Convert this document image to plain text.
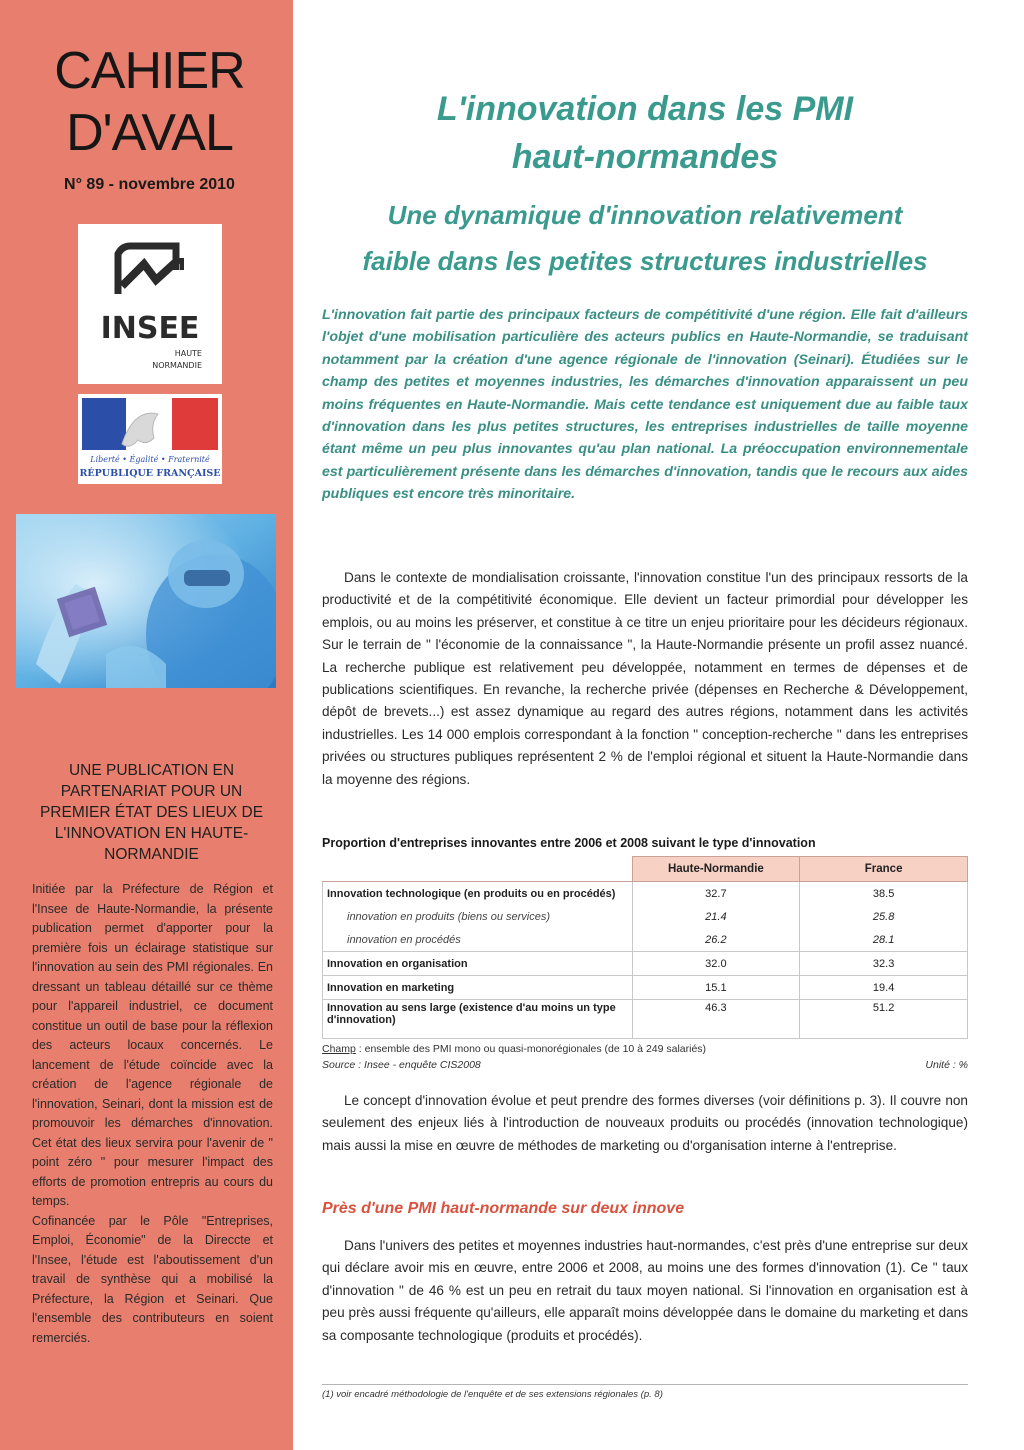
CAHIER
D'AVAL
N° 89 - novembre 2010
INSEE
HAUTE
NORMANDIE
Liberté • Égalité • Fraternité
RÉPUBLIQUE FRANÇAISE
UNE PUBLICATION EN PARTENARIAT POUR UN PREMIER ÉTAT DES LIEUX DE L'INNOVATION EN HAUTE-NORMANDIE

Initiée par la Préfecture de Région et l'Insee de Haute-Normandie, la présente publication permet d'apporter pour la première fois un éclairage statistique sur l'innovation au sein des PMI régionales. En dressant un tableau détaillé sur ce thème pour l'appareil industriel, ce document constitue un outil de base pour la réflexion des acteurs locaux concernés. Le lancement de l'étude coïncide avec la création de l'agence régionale de l'innovation, Seinari, dont la mission est de promouvoir les démarches d'innovation. Cet état des lieux servira pour l'avenir de " point zéro " pour mesurer l'impact des efforts de promotion entrepris au cours du temps.

Cofinancée par le Pôle "Entreprises, Emploi, Économie" de la Direccte et l'Insee, l'étude est l'aboutissement d'un travail de synthèse qui a mobilisé la Préfecture, la Région et Seinari. Que l'ensemble des contributeurs en soient remerciés.

L'innovation dans les PMI
haut-normandes
Une dynamique d'innovation relativement
faible dans les petites structures industrielles
L'innovation fait partie des principaux facteurs de compétitivité d'une région. Elle fait d'ailleurs l'objet d'une mobilisation particulière des acteurs publics en Haute-Normandie, se traduisant notamment par la création d'une agence régionale de l'innovation (Seinari). Étudiées sur le champ des petites et moyennes industries, les démarches d'innovation apparaissent un peu moins fréquentes en Haute-Normandie. Mais cette tendance est uniquement due au faible taux d'innovation dans les plus petites structures, les entreprises industrielles de taille moyenne étant même un peu plus innovantes qu'au plan national. La préoccupation environnementale est particulièrement présente dans les démarches d'innovation, tandis que le recours aux aides publiques est encore très minoritaire.

Dans le contexte de mondialisation croissante, l'innovation constitue l'un des principaux ressorts de la productivité et de la compétitivité économique. Elle devient un facteur primordial pour développer les emplois, ou au moins les préserver, et constitue à ce titre un enjeu prioritaire pour les décideurs régionaux. Sur le terrain de " l'économie de la connaissance ", la Haute-Normandie présente un profil assez nuancé. La recherche publique est relativement peu développée, notamment en termes de dépenses et de publications scientifiques. En revanche, la recherche privée (dépenses en Recherche & Développement, dépôt de brevets...) est assez dynamique au regard des autres régions, notamment dans les activités industrielles. Les 14 000 emplois correspondant à la fonction " conception-recherche " dans les entreprises privées ou structures publiques représentent 2 % de l'emploi régional et situent la Haute-Normandie dans la moyenne des régions.

Proportion d'entreprises innovantes entre 2006 et 2008 suivant le type d'innovation
	Haute-Normandie	France
Innovation technologique (en produits ou en procédés)	32.7	38.5
innovation en produits (biens ou services)	21.4	25.8
innovation en procédés	26.2	28.1
Innovation en organisation	32.0	32.3
Innovation en marketing	15.1	19.4
Innovation au sens large (existence d'au moins un type d'innovation)	46.3	51.2
Champ : ensemble des PMI mono ou quasi-monorégionales (de 10 à 249 salariés)
Source : Insee - enquête CIS2008	Unité : %

Le concept d'innovation évolue et peut prendre des formes diverses (voir définitions p. 3). Il couvre non seulement des enjeux liés à l'introduction de nouveaux produits ou procédés (innovation technologique) mais aussi la mise en œuvre de méthodes de marketing ou d'organisation interne à l'entreprise.

Près d'une PMI haut-normande sur deux innove

Dans l'univers des petites et moyennes industries haut-normandes, c'est près d'une entreprise sur deux qui déclare avoir mis en œuvre, entre 2006 et 2008, au moins une des formes d'innovation (1). Ce " taux d'innovation " de 46 % est un peu en retrait du taux moyen national. Si l'innovation en organisation est à peu près aussi fréquente qu'ailleurs, elle apparaît moins développée dans le domaine du marketing et dans sa composante technologique (produits et procédés).

(1) voir encadré méthodologie de l'enquête et de ses extensions régionales (p. 8)
